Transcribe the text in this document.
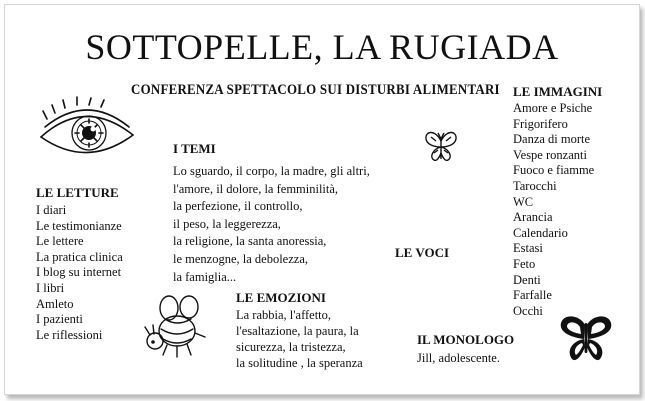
SOTTOPELLE, LA RUGIADA
CONFERENZA SPETTACOLO SUI DISTURBI ALIMENTARI
I TEMI

Lo sguardo, il corpo, la madre, gli altri,

l'amore, il dolore, la femminilità,

la perfezione, il controllo,

il peso, la leggerezza,

la religione, la santa anoressia,

le menzogne, la debolezza,

la famiglia...

LE LETTURE
I diari
Le testimonianze
Le lettere
La pratica clinica
I blog su internet
I libri
Amleto
I pazienti
Le riflessioni
LE EMOZIONI

La rabbia, l'affetto,

l'esaltazione, la paura, la

sicurezza, la tristezza,

la solitudine , la speranza

LE VOCI
IL MONOLOGO

Jill, adolescente.

LE IMMAGINI
Amore e Psiche
Frigorifero
Danza di morte
Vespe ronzanti
Fuoco e fiamme
Tarocchi
WC
Arancia
Calendario
Estasi
Feto
Denti
Farfalle
Occhi
